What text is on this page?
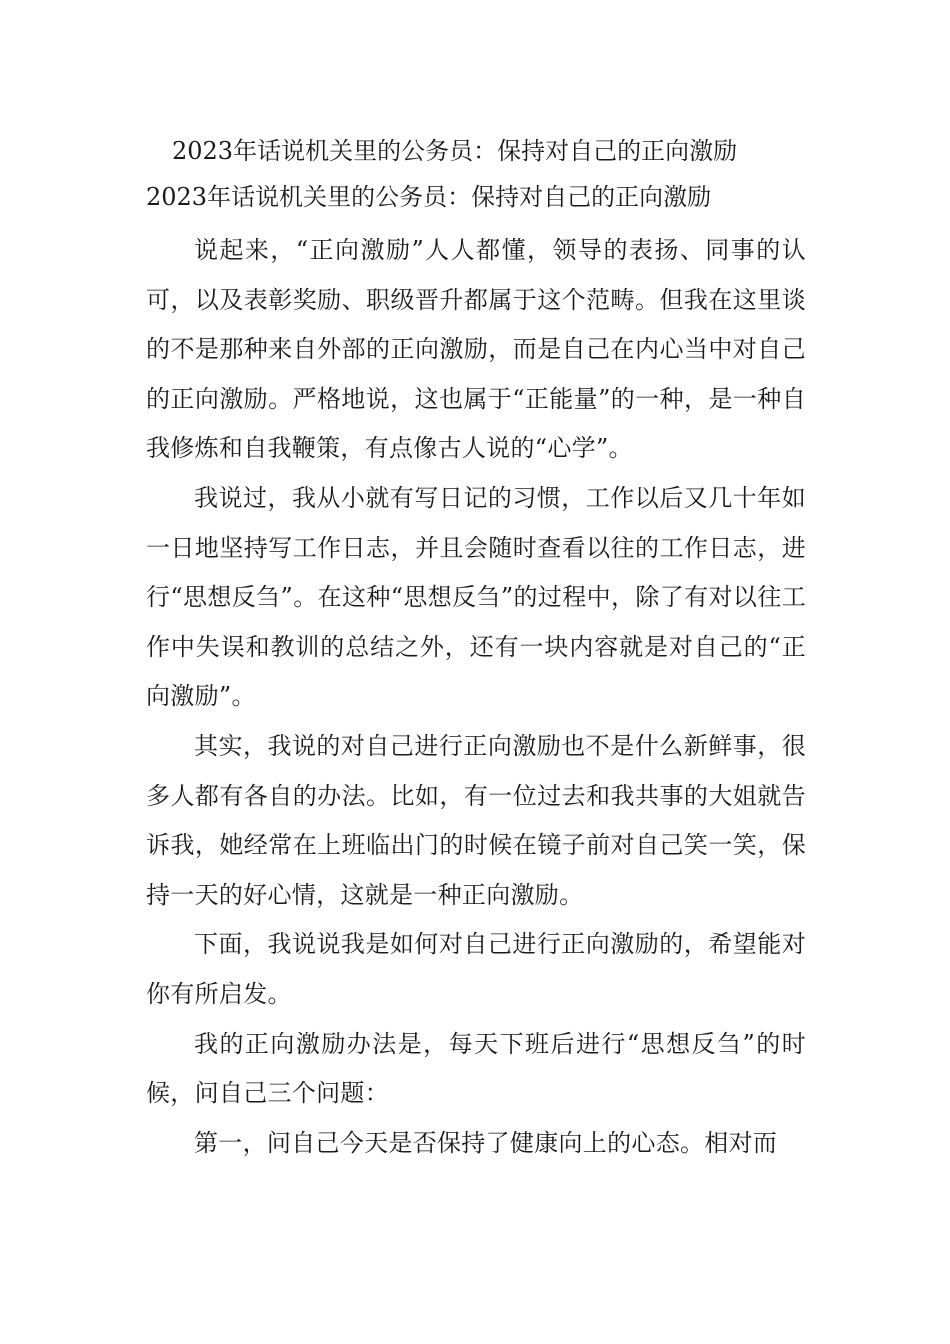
2023年话说机关里的公务员：保持对自己的正向激励
2023年话说机关里的公务员：保持对自己的正向激励

说起来，“正向激励”人人都懂，领导的表扬、同事的认可，以及表彰奖励、职级晋升都属于这个范畴。但我在这里谈的不是那种来自外部的正向激励，而是自己在内心当中对自己的正向激励。严格地说，这也属于“正能量”的一种，是一种自我修炼和自我鞭策，有点像古人说的“心学”。

我说过，我从小就有写日记的习惯，工作以后又几十年如一日地坚持写工作日志，并且会随时查看以往的工作日志，进行“思想反刍”。在这种“思想反刍”的过程中，除了有对以往工作中失误和教训的总结之外，还有一块内容就是对自己的“正向激励”。

其实，我说的对自己进行正向激励也不是什么新鲜事，很多人都有各自的办法。比如，有一位过去和我共事的大姐就告诉我，她经常在上班临出门的时候在镜子前对自己笑一笑，保持一天的好心情，这就是一种正向激励。

下面，我说说我是如何对自己进行正向激励的，希望能对你有所启发。

我的正向激励办法是，每天下班后进行“思想反刍”的时候，问自己三个问题：

第一，问自己今天是否保持了健康向上的心态。相对而
